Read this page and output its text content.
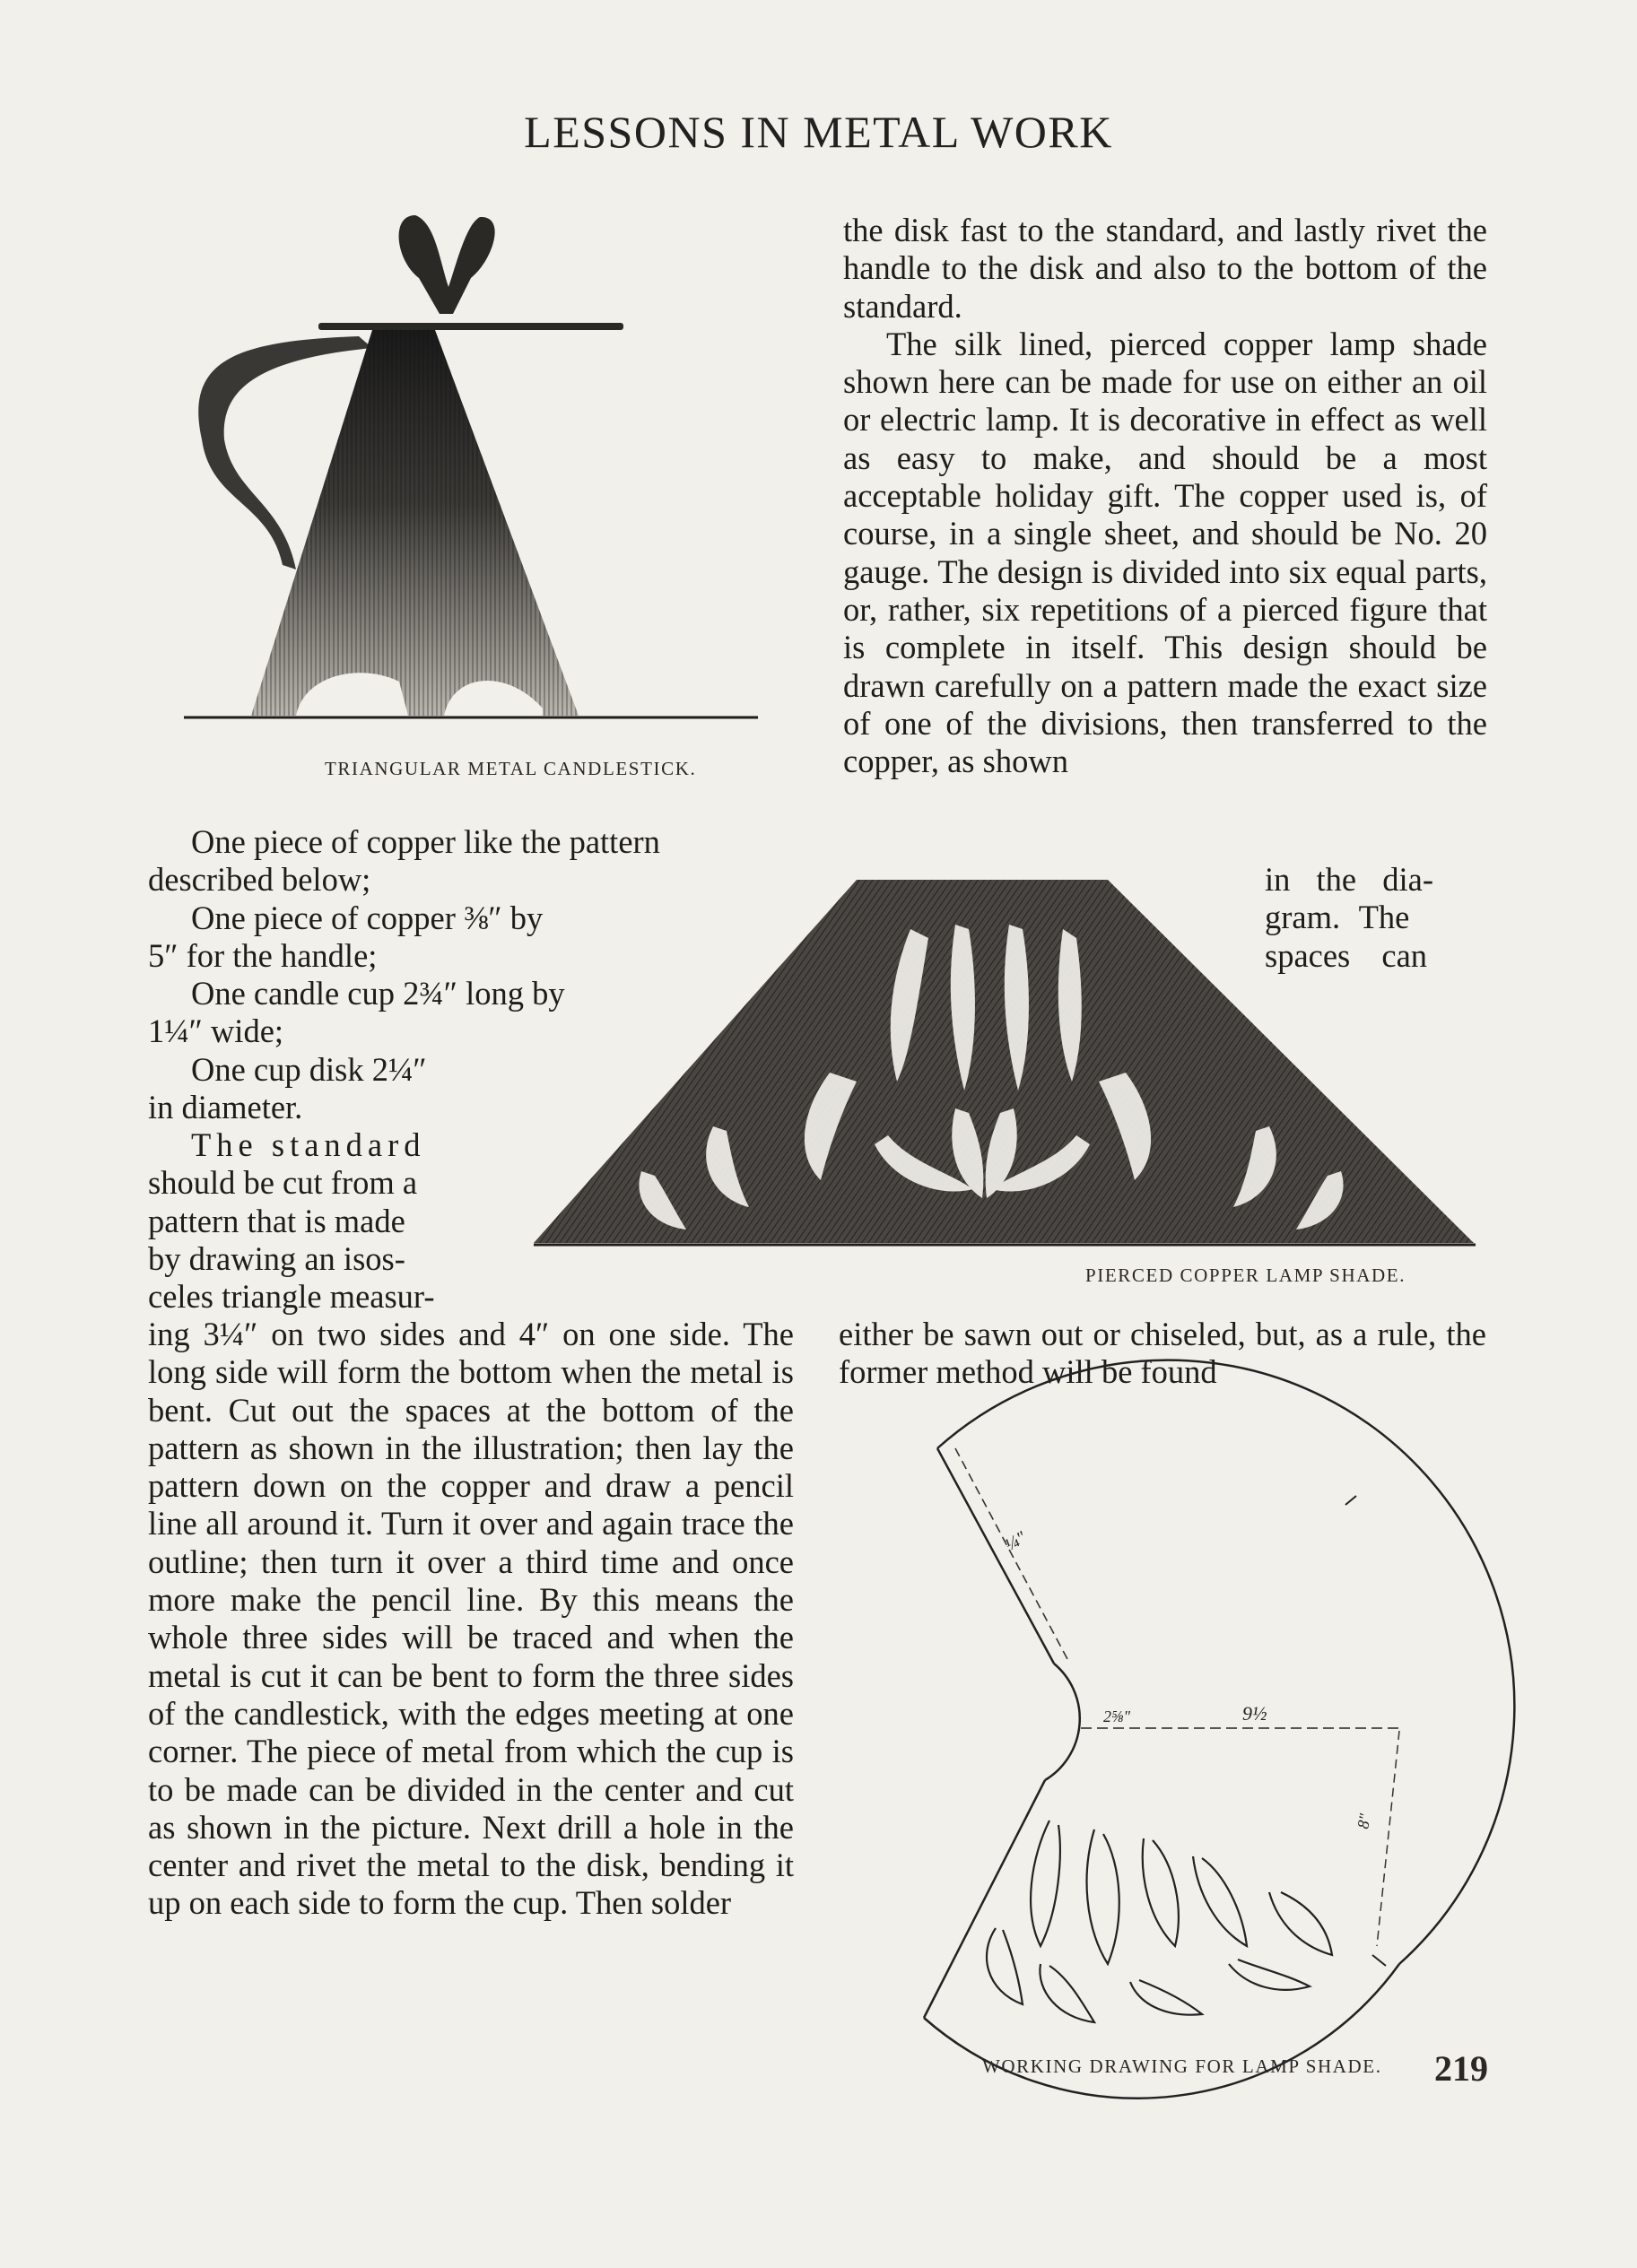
LESSONS IN METAL WORK
TRIANGULAR METAL CANDLESTICK.

One piece of copper like the pattern

described below;

One piece of copper ⅜″ by

5″ for the handle;

One candle cup 2¾″ long by

1¼″ wide;

One cup disk 2¼″

in diameter.

The standard

should be cut from a

pattern that is made

by drawing an isos-

celes triangle measur-

ing 3¼″ on two sides and 4″ on one side. The long side will form the bottom when the metal is bent. Cut out the spaces at the bottom of the pattern as shown in the illustration; then lay the pattern down on the copper and draw a pencil line all around it. Turn it over and again trace the outline; then turn it over a third time and once more make the pencil line. By this means the whole three sides will be traced and when the metal is cut it can be bent to form the three sides of the candlestick, with the edges meeting at one corner. The piece of metal from which the cup is to be made can be divided in the center and cut as shown in the picture. Next drill a hole in the center and rivet the metal to the disk, bending it up on each side to form the cup. Then solder

the disk fast to the standard, and lastly rivet the handle to the disk and also to the bottom of the standard.

The silk lined, pierced copper lamp shade shown here can be made for use on either an oil or electric lamp. It is decorative in effect as well as easy to make, and should be a most acceptable holiday gift. The copper used is, of course, in a single sheet, and should be No. 20 gauge. The design is divided into six equal parts, or, rather, six repetitions of a pierced figure that is complete in itself. This design should be drawn carefully on a pattern made the exact size of one of the divisions, then transferred to the copper, as shown

in the dia-

gram. The

spaces can

PIERCED COPPER LAMP SHADE.
either be sawn out or chiseled, but, as a rule, the former method will be found
¼"
2⅝"	9½
8"
WORKING DRAWING FOR LAMP SHADE. 219
